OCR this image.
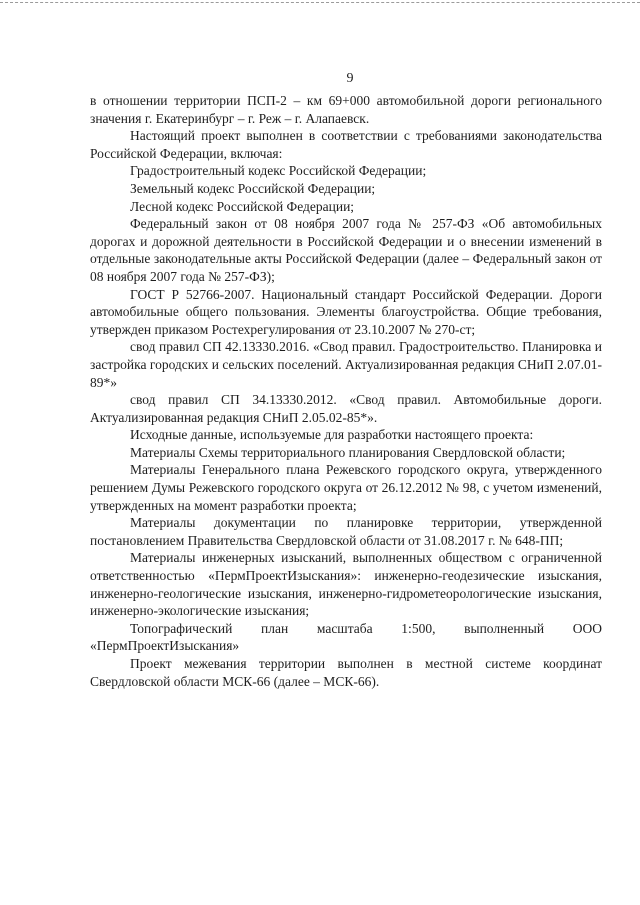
9

в отношении территории ПСП-2 – км 69+000 автомобильной дороги регионального значения г. Екатеринбург – г. Реж – г. Алапаевск.

Настоящий проект выполнен в соответствии с требованиями законодательства Российской Федерации, включая:

Градостроительный кодекс Российской Федерации;

Земельный кодекс Российской Федерации;

Лесной кодекс Российской Федерации;

Федеральный закон от 08 ноября 2007 года № 257-ФЗ «Об автомобильных дорогах и дорожной деятельности в Российской Федерации и о внесении изменений в отдельные законодательные акты Российской Федерации (далее – Федеральный закон от 08 ноября 2007 года № 257-ФЗ);

ГОСТ Р 52766-2007. Национальный стандарт Российской Федерации. Дороги автомобильные общего пользования. Элементы благоустройства. Общие требования, утвержден приказом Ростехрегулирования от 23.10.2007 № 270-ст;

свод правил СП 42.13330.2016. «Свод правил. Градостроительство. Планировка и застройка городских и сельских поселений. Актуализированная редакция СНиП 2.07.01-89*»

свод правил СП 34.13330.2012. «Свод правил. Автомобильные дороги. Актуализированная редакция СНиП 2.05.02-85*».

Исходные данные, используемые для разработки настоящего проекта:

Материалы Схемы территориального планирования Свердловской области;

Материалы Генерального плана Режевского городского округа, утвержденного решением Думы Режевского городского округа от 26.12.2012 № 98, с учетом изменений, утвержденных на момент разработки проекта;

Материалы документации по планировке территории, утвержденной постановлением Правительства Свердловской области от 31.08.2017 г. № 648-ПП;

Материалы инженерных изысканий, выполненных обществом с ограниченной ответственностью «ПермПроектИзыскания»: инженерно-геодезические изыскания, инженерно-геологические изыскания, инженерно-гидрометеорологические изыскания, инженерно-экологические изыскания;

Топографический план масштаба 1:500, выполненный ООО «ПермПроектИзыскания»

Проект межевания территории выполнен в местной системе координат Свердловской области МСК-66 (далее – МСК-66).
